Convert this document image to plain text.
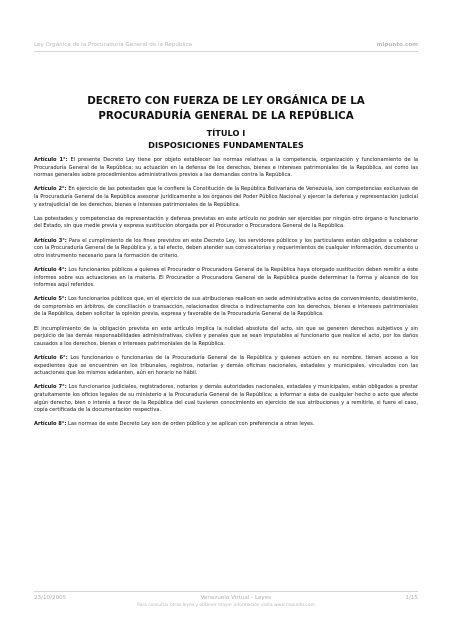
Ley Orgánica de la Procuraduría General de la República	mipunto.com
DECRETO CON FUERZA DE LEY ORGÁNICA DE LA PROCURADURÍA GENERAL DE LA REPÚBLICA
TÍTULO I
DISPOSICIONES FUNDAMENTALES

Artículo 1°: El presente Decreto Ley tiene por objeto establecer las normas relativas a la competencia, organización y funcionamiento de la Procuraduría General de la República; su actuación en la defensa de los derechos, bienes e intereses patrimoniales de la República, así como las normas generales sobre procedimientos administrativos previos a las demandas contra la República.

Artículo 2°: En ejercicio de las potestades que le confiere la Constitución de la República Bolivariana de Venezuela, son competencias exclusivas de la Procuraduría General de la República asesorar jurídicamente a los órganos del Poder Público Nacional y ejercer la defensa y representación judicial y extrajudicial de los derechos, bienes e intereses patrimoniales de la República.

Las potestades y competencias de representación y defensa previstas en este artículo no podrán ser ejercidas por ningún otro órgano o funcionario del Estado, sin que medie previa y expresa sustitución otorgada por el Procurador o Procuradora General de la República.

Artículo 3°: Para el cumplimiento de los fines previstos en este Decreto Ley, los servidores públicos y los particulares están obligados a colaborar con la Procuraduría General de la República y, a tal efecto, deben atender sus convocatorias y requerimientos de cualquier información, documento u otro instrumento necesario para la formación de criterio.

Artículo 4°: Los funcionarios públicos a quienes el Procurador o Procuradora General de la República haya otorgado sustitución deben remitir a éste informes sobre sus actuaciones en la materia. El Procurador o Procuradora General de la República puede determinar la forma y alcance de los informes aquí referidos.

Artículo 5°: Los funcionarios públicos que, en el ejercicio de sus atribuciones realicen en sede administrativa actos de convenimiento, desistimiento, de compromiso en árbitros, de conciliación o transacción, relacionados directa o indirectamente con los derechos, bienes e intereses patrimoniales de la República, deben solicitar la opinión previa, expresa y favorable de la Procuraduría General de la República.

El incumplimiento de la obligación prevista en este artículo implica la nulidad absoluta del acto, sin que se generen derechos subjetivos y sin perjuicio de las demás responsabilidades administrativas, civiles y penales que se sean imputables al funcionario que realice el acto, por los daños causados a los derechos, bienes o intereses patrimoniales de la República.

Artículo 6°: Los funcionarios o funcionarias de la Procuraduría General de la República y quienes actúen en su nombre, tienen acceso a los expedientes que se encuentren en los tribunales, registros, notarías y demás oficinas nacionales, estadales y municipales, vinculados con las actuaciones que los mismos adelanten, aún en horario no hábil.

Artículo 7°: Los funcionarios judiciales, registradores, notarios y demás autoridades nacionales, estadales y municipales, están obligados a prestar gratuitamente los oficios legales de su ministerio a la Procuraduría General de la República; a informar a ésta de cualquier hecho o acto que afecte algún derecho, bien o interés a favor de la República del cual tuvieren conocimiento en ejercicio de sus atribuciones y a remitirle, si fuere el caso, copia certificada de la documentación respectiva.

Artículo 8°: Las normas de este Decreto Ley son de orden público y se aplican con preferencia a otras leyes.

23/10/2005	Venezuela Virtual - Leyes	1/15
Para consultar otras leyes y obtener mayor información visita www.mipunto.com
